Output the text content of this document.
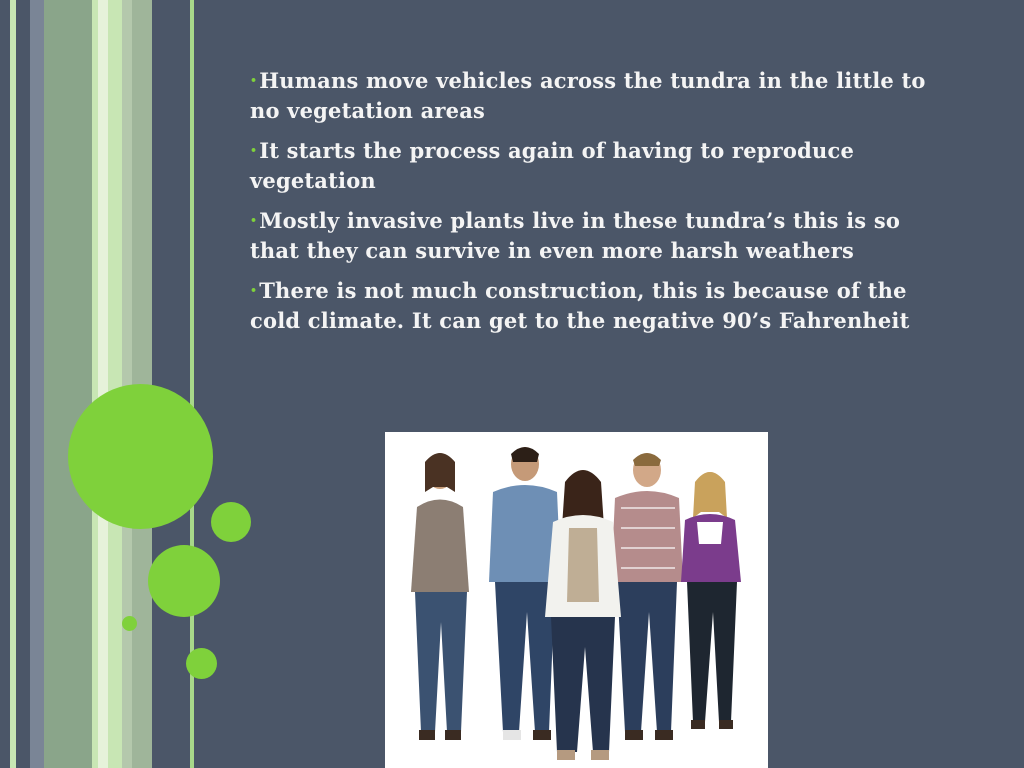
•Humans move vehicles across the tundra in the little to no vegetation areas
•It starts the process again of having to reproduce vegetation
•Mostly invasive plants live in these tundra’s this is so that they can survive in even more harsh weathers
•There is not much construction, this is because of the cold climate. It can get to the negative 90’s Fahrenheit
